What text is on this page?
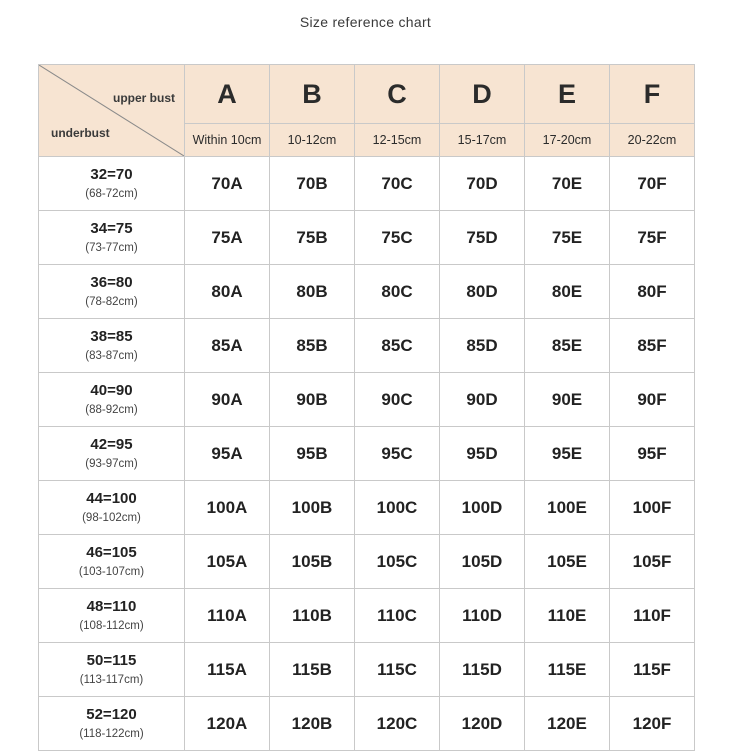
Size reference chart
upper bust
underbust	A	B	C	D	E	F
	Within 10cm	10-12cm	12-15cm	15-17cm	17-20cm	20-22cm

32=70
(68-72cm)	70A	70B	70C	70D	70E	70F

34=75
(73-77cm)	75A	75B	75C	75D	75E	75F

36=80
(78-82cm)	80A	80B	80C	80D	80E	80F

38=85
(83-87cm)	85A	85B	85C	85D	85E	85F

40=90
(88-92cm)	90A	90B	90C	90D	90E	90F

42=95
(93-97cm)	95A	95B	95C	95D	95E	95F

44=100
(98-102cm)	100A	100B	100C	100D	100E	100F

46=105
(103-107cm)	105A	105B	105C	105D	105E	105F

48=110
(108-112cm)	110A	110B	110C	110D	110E	110F

50=115
(113-117cm)	115A	115B	115C	115D	115E	115F

52=120
(118-122cm)	120A	120B	120C	120D	120E	120F
